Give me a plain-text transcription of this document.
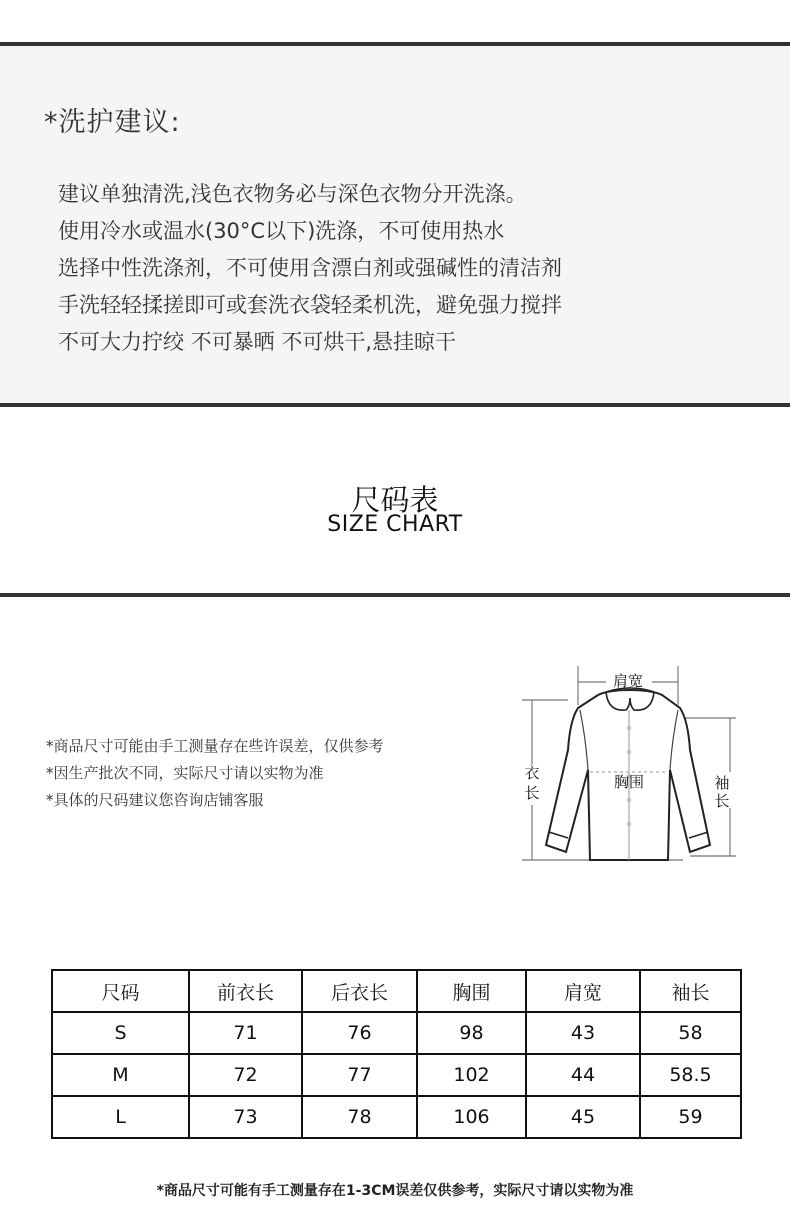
*洗护建议:
建议单独清洗,浅色衣物务必与深色衣物分开洗涤。
使用冷水或温水(30°C以下)洗涤，不可使用热水
选择中性洗涤剂，不可使用含漂白剂或强碱性的清洁剂
手洗轻轻揉搓即可或套洗衣袋轻柔机洗，避免强力搅拌
不可大力拧绞 不可暴晒 不可烘干,悬挂晾干
尺码表
SIZE CHART
*商品尺寸可能由手工测量存在些许误差，仅供参考
*因生产批次不同，实际尺寸请以实物为准
*具体的尺码建议您咨询店铺客服
肩宽
衣
长
胸围	袖
长
尺码	前衣长	后衣长	胸围	肩宽	袖长
S	71	76	98	43	58
M	72	77	102	44	58.5
L	73	78	106	45	59
*商品尺寸可能有手工测量存在1-3CM误差仅供参考，实际尺寸请以实物为准
